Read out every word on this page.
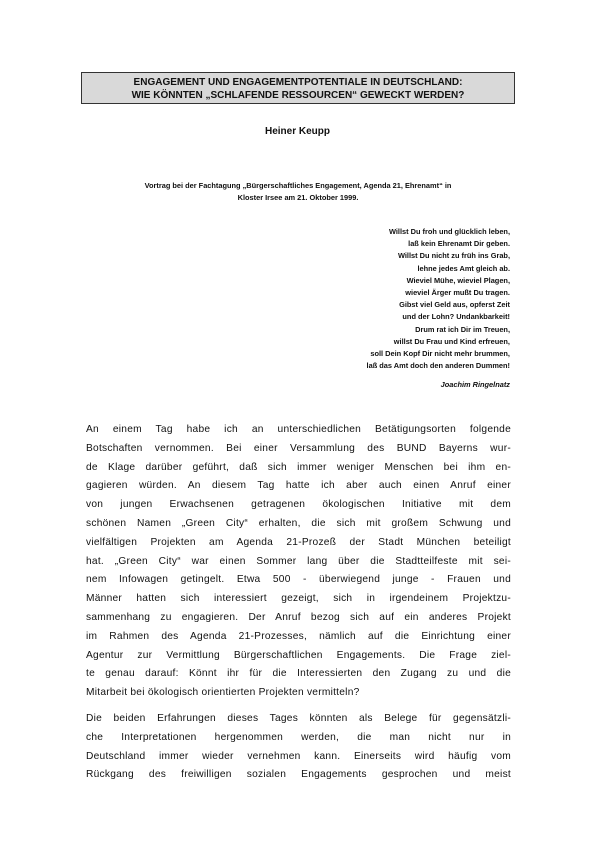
ENGAGEMENT UND ENGAGEMENTPOTENTIALE IN DEUTSCHLAND:
WIE KÖNNTEN „SCHLAFENDE RESSOURCEN“ GEWECKT WERDEN?
Heiner Keupp
Vortrag bei der Fachtagung „Bürgerschaftliches Engagement, Agenda 21, Ehrenamt“ in
Kloster Irsee am 21. Oktober 1999.
Willst Du froh und glücklich leben,
laß kein Ehrenamt Dir geben.
Willst Du nicht zu früh ins Grab,
lehne jedes Amt gleich ab.
Wieviel Mühe, wieviel Plagen,
wieviel Ärger mußt Du tragen.
Gibst viel Geld aus, opferst Zeit
und der Lohn? Undankbarkeit!
Drum rat ich Dir im Treuen,
willst Du Frau und Kind erfreuen,
soll Dein Kopf Dir nicht mehr brummen,
laß das Amt doch den anderen Dummen!
Joachim Ringelnatz
An einem Tag habe ich an unterschiedlichen Betätigungsorten folgende
Botschaften vernommen. Bei einer Versammlung des BUND Bayerns wur-
de Klage darüber geführt, daß sich immer weniger Menschen bei ihm en-
gagieren würden. An diesem Tag hatte ich aber auch einen Anruf einer
von jungen Erwachsenen getragenen ökologischen Initiative mit dem
schönen Namen „Green City“ erhalten, die sich mit großem Schwung und
vielfältigen Projekten am Agenda 21-Prozeß der Stadt München beteiligt
hat. „Green City“ war einen Sommer lang über die Stadtteilfeste mit sei-
nem Infowagen getingelt. Etwa 500 - überwiegend junge - Frauen und
Männer hatten sich interessiert gezeigt, sich in irgendeinem Projektzu-
sammenhang zu engagieren. Der Anruf bezog sich auf ein anderes Projekt
im Rahmen des Agenda 21-Prozesses, nämlich auf die Einrichtung einer
Agentur zur Vermittlung Bürgerschaftlichen Engagements. Die Frage ziel-
te genau darauf: Könnt ihr für die Interessierten den Zugang zu und die
Mitarbeit bei ökologisch orientierten Projekten vermitteln?
Die beiden Erfahrungen dieses Tages könnten als Belege für gegensätzli-
che Interpretationen hergenommen werden, die man nicht nur in
Deutschland immer wieder vernehmen kann. Einerseits wird häufig vom
Rückgang des freiwilligen sozialen Engagements gesprochen und meist
